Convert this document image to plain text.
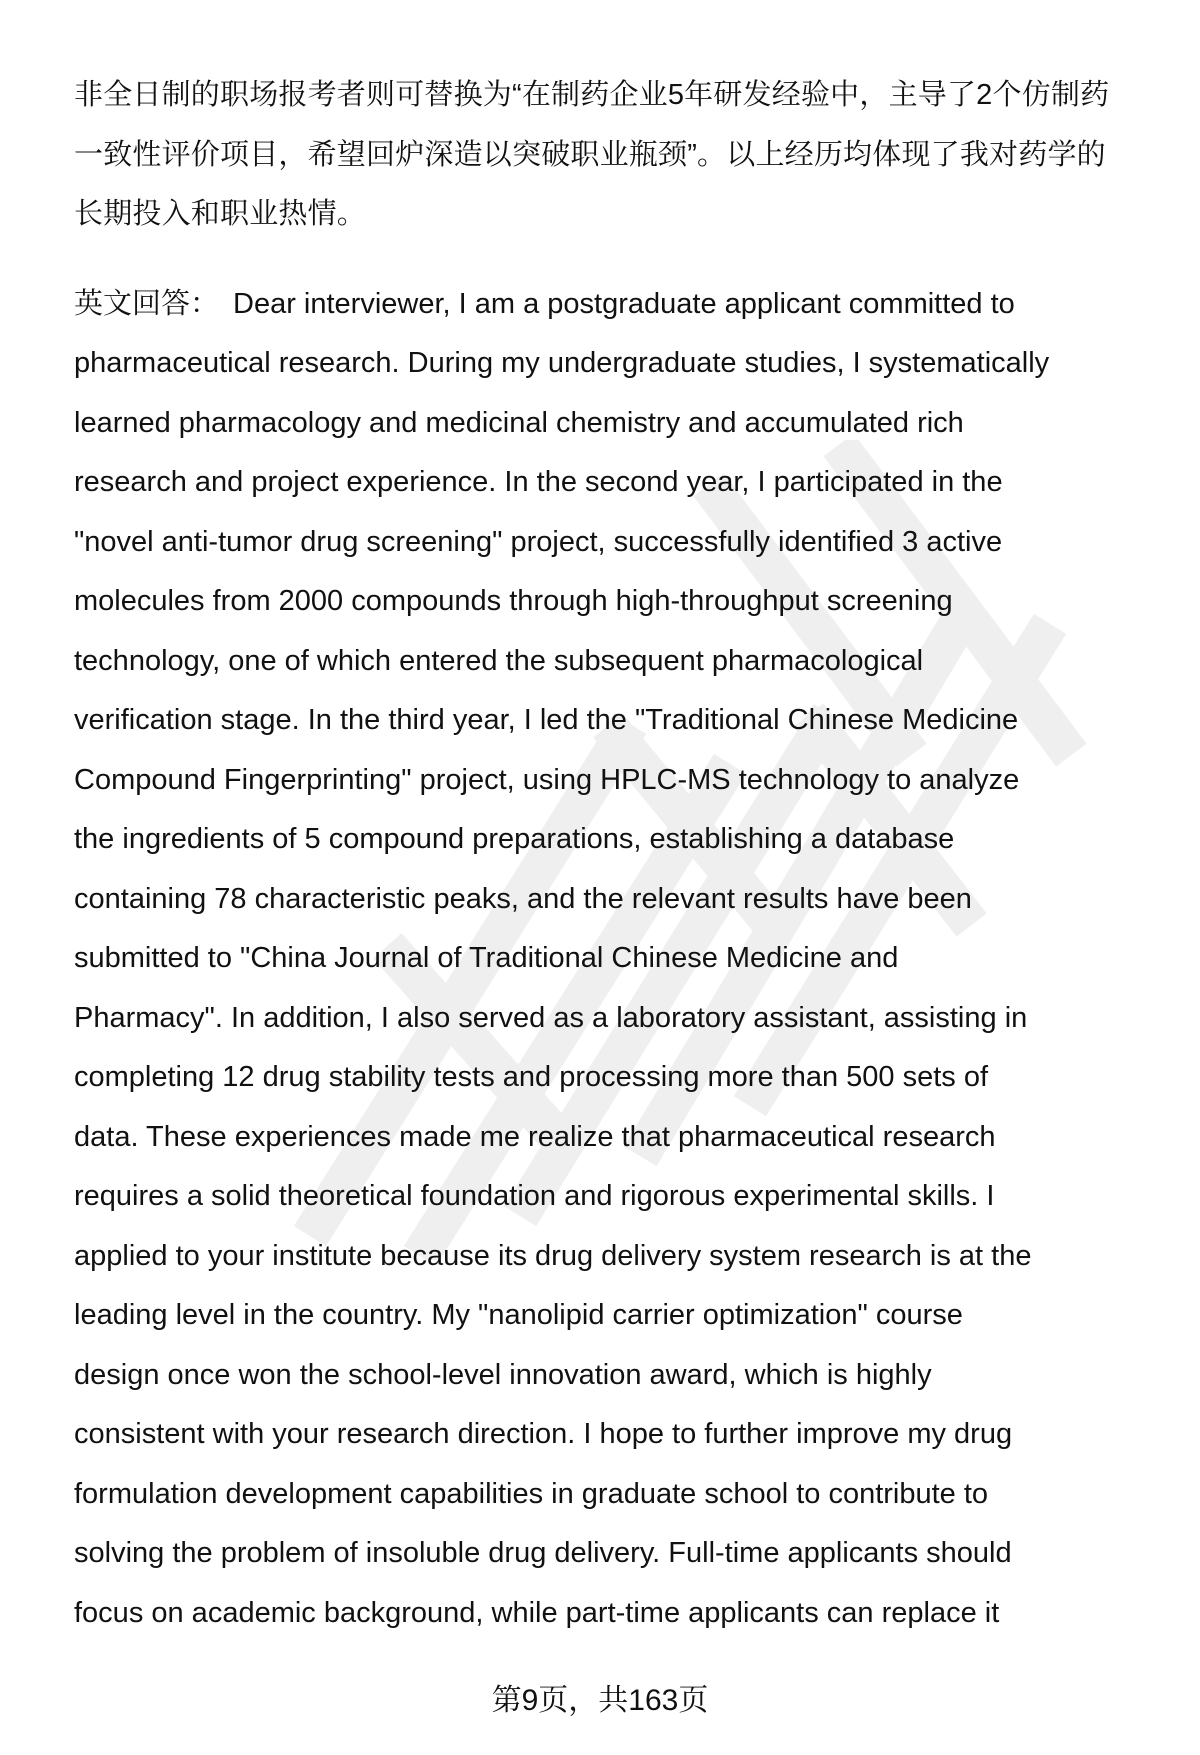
非全日制的职场报考者则可替换为“在制药企业5年研发经验中，主导了2个仿制药
一致性评价项目，希望回炉深造以突破职业瓶颈”。以上经历均体现了我对药学的
长期投入和职业热情。

英文回答： Dear interviewer, I am a postgraduate applicant committed to
pharmaceutical research. During my undergraduate studies, I systematically
learned pharmacology and medicinal chemistry and accumulated rich
research and project experience. In the second year, I participated in the
"novel anti-tumor drug screening" project, successfully identified 3 active
molecules from 2000 compounds through high-throughput screening
technology, one of which entered the subsequent pharmacological
verification stage. In the third year, I led the "Traditional Chinese Medicine
Compound Fingerprinting" project, using HPLC-MS technology to analyze
the ingredients of 5 compound preparations, establishing a database
containing 78 characteristic peaks, and the relevant results have been
submitted to "China Journal of Traditional Chinese Medicine and
Pharmacy". In addition, I also served as a laboratory assistant, assisting in
completing 12 drug stability tests and processing more than 500 sets of
data. These experiences made me realize that pharmaceutical research
requires a solid theoretical foundation and rigorous experimental skills. I
applied to your institute because its drug delivery system research is at the
leading level in the country. My "nanolipid carrier optimization" course
design once won the school-level innovation award, which is highly
consistent with your research direction. I hope to further improve my drug
formulation development capabilities in graduate school to contribute to
solving the problem of insoluble drug delivery. Full-time applicants should
focus on academic background, while part-time applicants can replace it

第9页，共163页
